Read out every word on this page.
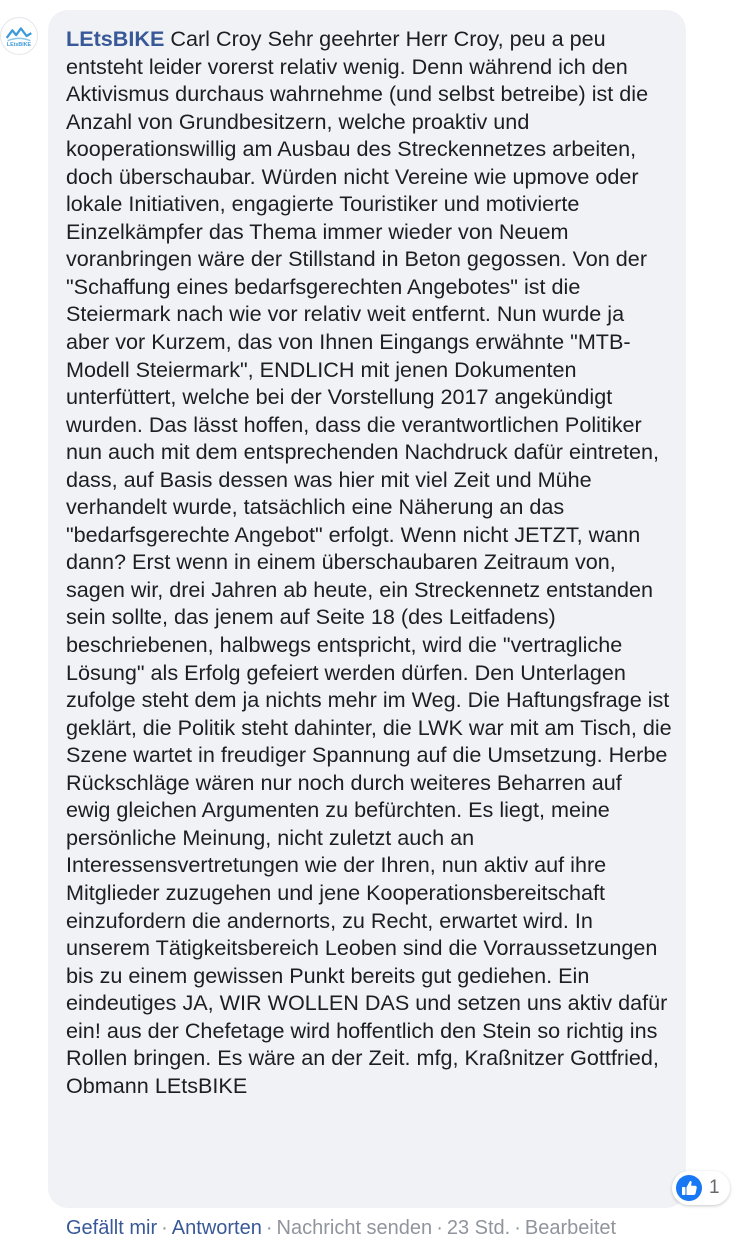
LEtsBIKE LEtsBIKE Carl Croy Sehr geehrter Herr Croy, peu a peu entsteht leider vorerst relativ wenig. Denn während ich den Aktivismus durchaus wahrnehme (und selbst betreibe) ist die Anzahl von Grundbesitzern, welche proaktiv und kooperationswillig am Ausbau des Streckennetzes arbeiten, doch überschaubar. Würden nicht Vereine wie upmove oder lokale Initiativen, engagierte Touristiker und motivierte Einzelkämpfer das Thema immer wieder von Neuem voranbringen wäre der Stillstand in Beton gegossen. Von der "Schaffung eines bedarfsgerechten Angebotes" ist die Steiermark nach wie vor relativ weit entfernt. Nun wurde ja aber vor Kurzem, das von Ihnen Eingangs erwähnte "MTB-Modell Steiermark", ENDLICH mit jenen Dokumenten unterfüttert, welche bei der Vorstellung 2017 angekündigt wurden. Das lässt hoffen, dass die verantwortlichen Politiker nun auch mit dem entsprechenden Nachdruck dafür eintreten, dass, auf Basis dessen was hier mit viel Zeit und Mühe verhandelt wurde, tatsächlich eine Näherung an das "bedarfsgerechte Angebot" erfolgt. Wenn nicht JETZT, wann dann? Erst wenn in einem überschaubaren Zeitraum von, sagen wir, drei Jahren ab heute, ein Streckennetz entstanden sein sollte, das jenem auf Seite 18 (des Leitfadens) beschriebenen, halbwegs entspricht, wird die "vertragliche Lösung" als Erfolg gefeiert werden dürfen. Den Unterlagen zufolge steht dem ja nichts mehr im Weg. Die Haftungsfrage ist geklärt, die Politik steht dahinter, die LWK war mit am Tisch, die Szene wartet in freudiger Spannung auf die Umsetzung. Herbe Rückschläge wären nur noch durch weiteres Beharren auf ewig gleichen Argumenten zu befürchten. Es liegt, meine persönliche Meinung, nicht zuletzt auch an Interessensvertretungen wie der Ihren, nun aktiv auf ihre Mitglieder zuzugehen und jene Kooperationsbereitschaft einzufordern die andernorts, zu Recht, erwartet wird. In unserem Tätigkeitsbereich Leoben sind die Vorraussetzungen bis zu einem gewissen Punkt bereits gut gediehen. Ein eindeutiges JA, WIR WOLLEN DAS und setzen uns aktiv dafür ein! aus der Chefetage wird hoffentlich den Stein so richtig ins Rollen bringen. Es wäre an der Zeit. mfg, Kraßnitzer Gottfried, Obmann LEtsBIKE

1
Gefällt mir · Antworten · Nachricht senden · 23 Std. · Bearbeitet
